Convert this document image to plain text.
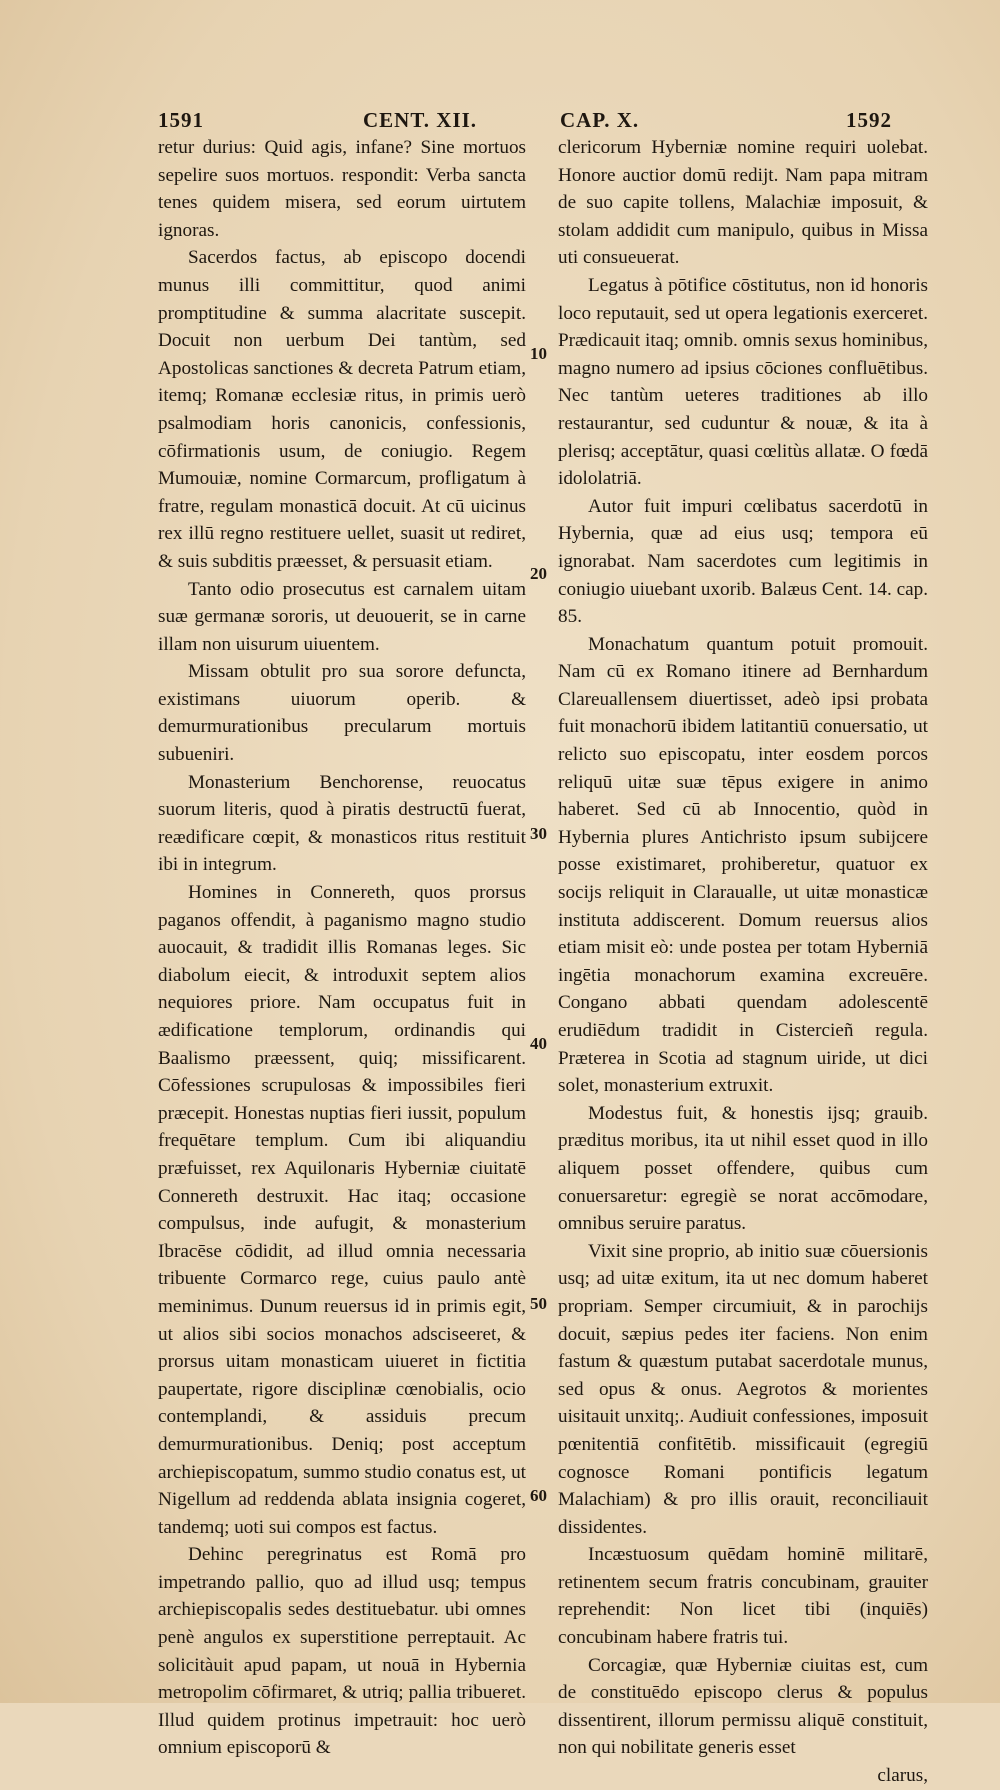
1591	CENT. XII.	CAP. X.	1592

retur durius: Quid agis, infane? Sine mortuos sepelire suos mortuos. respondit: Verba sancta tenes quidem misera, sed eorum uirtutem ignoras.

Sacerdos factus, ab episcopo docendi munus illi committitur, quod animi promptitudine & summa alacritate suscepit. Docuit non uerbum Dei tantùm, sed Apostolicas sanctiones & decreta Patrum etiam, itemq; Romanæ ecclesiæ ritus, in primis uerò psalmodiam horis canonicis, confessionis, cōfirmationis usum, de coniugio. Regem Mumouiæ, nomine Cormarcum, profligatum à fratre, regulam monasticā docuit. At cū uicinus rex illū regno restituere uellet, suasit ut rediret, & suis subditis præesset, & persuasit etiam.

Tanto odio prosecutus est carnalem uitam suæ germanæ sororis, ut deuouerit, se in carne illam non uisurum uiuentem.

Missam obtulit pro sua sorore defuncta, existimans uiuorum operib. & demurmurationibus precularum mortuis subueniri.

Monasterium Benchorense, reuocatus suorum literis, quod à piratis destructū fuerat, reædificare cœpit, & monasticos ritus restituit ibi in integrum.

Homines in Connereth, quos prorsus paganos offendit, à paganismo magno studio auocauit, & tradidit illis Romanas leges. Sic diabolum eiecit, & introduxit septem alios nequiores priore. Nam occupatus fuit in ædificatione templorum, ordinandis qui Baalismo præessent, quiq; missificarent. Cōfessiones scrupulosas & impossibiles fieri præcepit. Honestas nuptias fieri iussit, populum frequētare templum. Cum ibi aliquandiu præfuisset, rex Aquilonaris Hyberniæ ciuitatē Connereth destruxit. Hac itaq; occasione compulsus, inde aufugit, & monasterium Ibracēse cōdidit, ad illud omnia necessaria tribuente Cormarco rege, cuius paulo antè meminimus. Dunum reuersus id in primis egit, ut alios sibi socios monachos adsciseeret, & prorsus uitam monasticam uiueret in fictitia paupertate, rigore disciplinæ cœnobialis, ocio contemplandi, & assiduis precum demurmurationibus. Deniq; post acceptum archiepiscopatum, summo studio conatus est, ut Nigellum ad reddenda ablata insignia cogeret, tandemq; uoti sui compos est factus.

Dehinc peregrinatus est Romā pro impetrando pallio, quo ad illud usq; tempus archiepiscopalis sedes destituebatur. ubi omnes penè angulos ex superstitione perreptauit. Ac solicitàuit apud papam, ut nouā in Hybernia metropolim cōfirmaret, & utriq; pallia tribueret. Illud quidem protinus impetrauit: hoc uerò omnium episcoporū &

10
20
30
40
50
60

clericorum Hyberniæ nomine requiri uolebat. Honore auctior domū rediјt. Nam papa mitram de suo capite tollens, Malachiæ imposuit, & stolam addidit cum manipulo, quibus in Missa uti consueuerat.

Legatus à pōtifice cōstitutus, non id honoris loco reputauit, sed ut opera legationis exerceret. Prædicauit itaq; omnib. omnis sexus hominibus, magno numero ad ipsius cōciones confluētibus. Nec tantùm ueteres traditiones ab illo restaurantur, sed cuduntur & nouæ, & ita à plerisq; acceptātur, quasi cœlitùs allatæ. O fœdā idololatriā.

Autor fuit impuri cœlibatus sacerdotū in Hybernia, quæ ad eius usq; tempora eū ignorabat. Nam sacerdotes cum legitimis in coniugio uiuebant uxorib. Balæus Cent. 14. cap. 85.

Monachatum quantum potuit promouit. Nam cū ex Romano itinere ad Bernhardum Clareuallensem diuertisset, adeò ipsi probata fuit monachorū ibidem latitantiū conuersatio, ut relicto suo episcopatu, inter eosdem porcos reliquū uitæ suæ tēpus exigere in animo haberet. Sed cū ab Innocentio, quòd in Hybernia plures Antichristo ipsum subijcere posse existimaret, prohiberetur, quatuor ex socijs reliquit in Claraualle, ut uitæ monasticæ instituta addiscerent. Domum reuersus alios etiam misit eò: unde postea per totam Hyberniā ingētia monachorum examina excreuēre. Congano abbati quendam adolescentē erudiēdum tradidit in Cistercieñ regula. Præterea in Scotia ad stagnum uiride, ut dici solet, monasterium extruxit.

Modestus fuit, & honestis ijsq; grauib. præditus moribus, ita ut nihil esset quod in illo aliquem posset offendere, quibus cum conuersaretur: egregiè se norat accōmodare, omnibus seruire paratus.

Vixit sine proprio, ab initio suæ cōuersionis usq; ad uitæ exitum, ita ut nec domum haberet propriam. Semper circumiuit, & in parochijs docuit, sæpius pedes iter faciens. Non enim fastum & quæstum putabat sacerdotale munus, sed opus & onus. Aegrotos & morientes uisitauit unxitq;. Audiuit confessiones, imposuit pœnitentiā confitētib. missificauit (egregiū cognosce Romani pontificis legatum Malachiam) & pro illis orauit, reconciliauit dissidentes.

Incæstuosum quēdam hominē militarē, retinentem secum fratris concubinam, grauiter reprehendit: Non licet tibi (inquiēs) concubinam habere fratris tui.

Corcagiæ, quæ Hyberniæ ciuitas est, cum de constituēdo episcopo clerus & populus dissentirent, illorum permissu aliquē constituit, non qui nobilitate generis esset

clarus,
